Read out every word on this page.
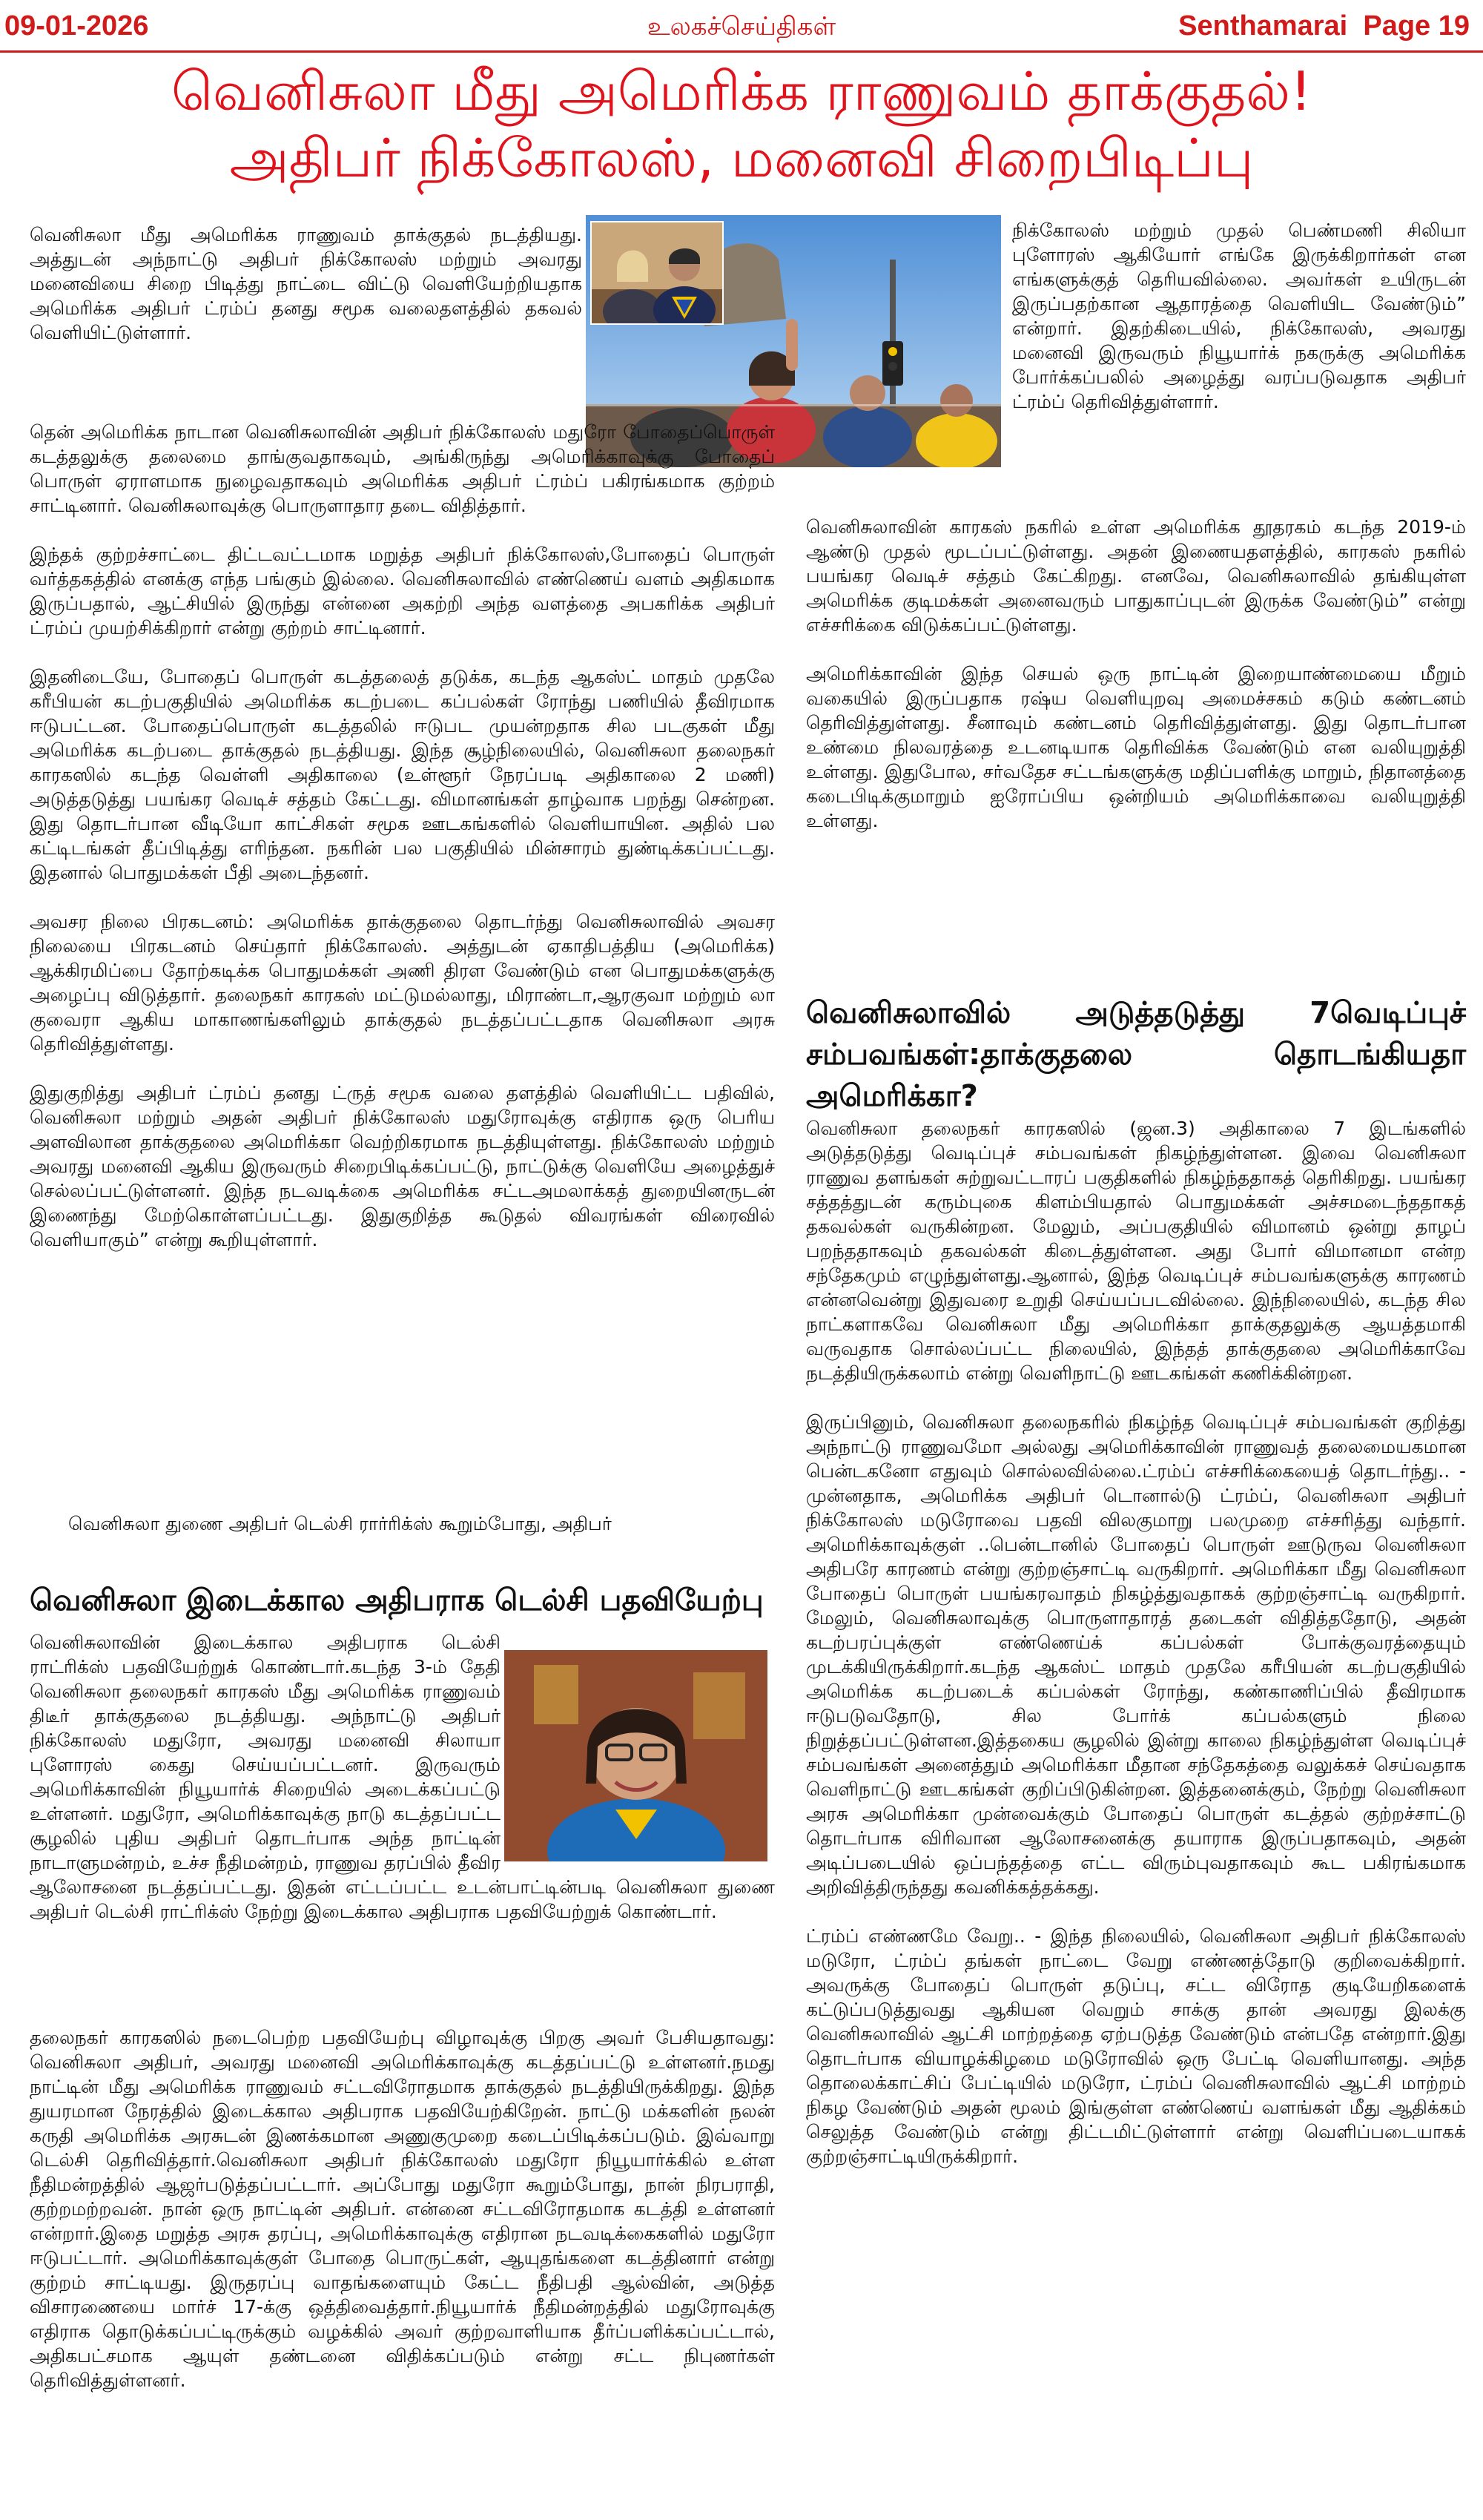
09-01-2026	உலகச்செய்திகள்	Senthamarai Page 19
வெனிசுலா மீது அமெரிக்க ராணுவம் தாக்குதல்!
அதிபர் நிக்கோலஸ், மனைவி சிறைபிடிப்பு

வெனிசுலா மீது அமெரிக்க ராணுவம் தாக்குதல் நடத்தியது. அத்துடன் அந்நாட்டு அதிபர் நிக்கோலஸ் மற்றும் அவரது மனைவியை சிறை பிடித்து நாட்டை விட்டு வெளியேற்றியதாக அமெரிக்க அதிபர் ட்ரம்ப் தனது சமூக வலைதளத்தில் தகவல் வெளியிட்டுள்ளார்.

தென் அமெரிக்க நாடான வெனிசுலாவின் அதிபர் நிக்கோலஸ் மதுரோ போதைப்பொருள் கடத்தலுக்கு தலைமை தாங்குவதாகவும், அங்கிருந்து அமெரிக்காவுக்கு போதைப் பொருள் ஏராளமாக நுழைவதாகவும் அமெரிக்க அதிபர் ட்ரம்ப் பகிரங்கமாக குற்றம் சாட்டினார். வெனிசுலாவுக்கு பொருளாதார தடை விதித்தார்.

இந்தக் குற்றச்சாட்டை திட்டவட்டமாக மறுத்த அதிபர் நிக்கோலஸ்,போதைப் பொருள் வர்த்தகத்தில் எனக்கு எந்த பங்கும் இல்லை. வெனிசுலாவில் எண்ணெய் வளம் அதிகமாக இருப்பதால், ஆட்சியில் இருந்து என்னை அகற்றி அந்த வளத்தை அபகரிக்க அதிபர் ட்ரம்ப் முயற்சிக்கிறார் என்று குற்றம் சாட்டினார்.

இதனிடையே, போதைப் பொருள் கடத்தலைத் தடுக்க, கடந்த ஆகஸ்ட் மாதம் முதலே கரீபியன் கடற்பகுதியில் அமெரிக்க கடற்படை கப்பல்கள் ரோந்து பணியில் தீவிரமாக ஈடுபட்டன. போதைப்பொருள் கடத்தலில் ஈடுபட முயன்றதாக சில படகுகள் மீது அமெரிக்க கடற்படை தாக்குதல் நடத்தியது. இந்த சூழ்நிலையில், வெனிசுலா தலைநகர் காரகஸில் கடந்த வெள்ளி அதிகாலை (உள்ளூர் நேரப்படி அதிகாலை 2 மணி) அடுத்தடுத்து பயங்கர வெடிச் சத்தம் கேட்டது. விமானங்கள் தாழ்வாக பறந்து சென்றன. இது தொடர்பான வீடியோ காட்சிகள் சமூக ஊடகங்களில் வெளியாயின. அதில் பல கட்டிடங்கள் தீப்பிடித்து எரிந்தன. நகரின் பல பகுதியில் மின்சாரம் துண்டிக்கப்பட்டது. இதனால் பொதுமக்கள் பீதி அடைந்தனர்.

அவசர நிலை பிரகடனம்: அமெரிக்க தாக்குதலை தொடர்ந்து வெனிசுலாவில் அவசர நிலையை பிரகடனம் செய்தார் நிக்கோலஸ். அத்துடன் ஏகாதிபத்திய (அமெரிக்க) ஆக்கிரமிப்பை தோற்கடிக்க பொதுமக்கள் அணி திரள வேண்டும் என பொதுமக்களுக்கு அழைப்பு விடுத்தார். தலைநகர் காரகஸ் மட்டுமல்லாது, மிராண்டா,ஆரகுவா மற்றும் லா குவைரா ஆகிய மாகாணங்களிலும் தாக்குதல் நடத்தப்பட்டதாக வெனிசுலா அரசு தெரிவித்துள்ளது.

இதுகுறித்து அதிபர் ட்ரம்ப் தனது ட்ருத் சமூக வலை தளத்தில் வெளியிட்ட பதிவில், வெனிசுலா மற்றும் அதன் அதிபர் நிக்கோலஸ் மதுரோவுக்கு எதிராக ஒரு பெரிய அளவிலான தாக்குதலை அமெரிக்கா வெற்றிகரமாக நடத்தியுள்ளது. நிக்கோலஸ் மற்றும் அவரது மனைவி ஆகிய இருவரும் சிறைபிடிக்கப்பட்டு, நாட்டுக்கு வெளியே அழைத்துச் செல்லப்பட்டுள்ளனர். இந்த நடவடிக்கை அமெரிக்க சட்டஅமலாக்கத் துறையினருடன் இணைந்து மேற்கொள்ளப்பட்டது. இதுகுறித்த கூடுதல் விவரங்கள் விரைவில் வெளியாகும்” என்று கூறியுள்ளார்.

வெனிசுலா துணை அதிபர் டெல்சி ரார்ரிக்ஸ் கூறும்போது, அதிபர்

நிக்கோலஸ் மற்றும் முதல் பெண்மணி சிலியா புளோரஸ் ஆகியோர் எங்கே இருக்கிறார்கள் என எங்களுக்குத் தெரியவில்லை. அவர்கள் உயிருடன் இருப்பதற்கான ஆதாரத்தை வெளியிட வேண்டும்” என்றார். இதற்கிடையில், நிக்கோலஸ், அவரது மனைவி இருவரும் நியூயார்க் நகருக்கு அமெரிக்க போர்க்கப்பலில் அழைத்து வரப்படுவதாக அதிபர் ட்ரம்ப் தெரிவித்துள்ளார்.

வெனிசுலாவின் காரகஸ் நகரில் உள்ள அமெரிக்க தூதரகம் கடந்த 2019-ம் ஆண்டு முதல் மூடப்பட்டுள்ளது. அதன் இணையதளத்தில், காரகஸ் நகரில் பயங்கர வெடிச் சத்தம் கேட்கிறது. எனவே, வெனிசுலாவில் தங்கியுள்ள அமெரிக்க குடிமக்கள் அனைவரும் பாதுகாப்புடன் இருக்க வேண்டும்” என்று எச்சரிக்கை விடுக்கப்பட்டுள்ளது.

அமெரிக்காவின் இந்த செயல் ஒரு நாட்டின் இறையாண்மையை மீறும் வகையில் இருப்பதாக ரஷ்ய வெளியுறவு அமைச்சகம் கடும் கண்டனம் தெரிவித்துள்ளது. சீனாவும் கண்டனம் தெரிவித்துள்ளது. இது தொடர்பான உண்மை நிலவரத்தை உடனடியாக தெரிவிக்க வேண்டும் என வலியுறுத்தி உள்ளது. இதுபோல, சர்வதேச சட்டங்களுக்கு மதிப்பளிக்கு மாறும், நிதானத்தை கடைபிடிக்குமாறும் ஐரோப்பிய ஒன்றியம் அமெரிக்காவை வலியுறுத்தி உள்ளது.

வெனிசுலாவில் அடுத்தடுத்து 7வெடிப்புச் சம்பவங்கள்:தாக்குதலை தொடங்கியதா அமெரிக்கா?

வெனிசுலா தலைநகர் காரகஸில் (ஜன.3) அதிகாலை 7 இடங்களில் அடுத்தடுத்து வெடிப்புச் சம்பவங்கள் நிகழ்ந்துள்ளன. இவை வெனிசுலா ராணுவ தளங்கள் சுற்றுவட்டாரப் பகுதிகளில் நிகழ்ந்ததாகத் தெரிகிறது. பயங்கர சத்தத்துடன் கரும்புகை கிளம்பியதால் பொதுமக்கள் அச்சமடைந்ததாகத் தகவல்கள் வருகின்றன. மேலும், அப்பகுதியில் விமானம் ஒன்று தாழப் பறந்ததாகவும் தகவல்கள் கிடைத்துள்ளன. அது போர் விமானமா என்ற சந்தேகமும் எழுந்துள்ளது.ஆனால், இந்த வெடிப்புச் சம்பவங்களுக்கு காரணம் என்னவென்று இதுவரை உறுதி செய்யப்படவில்லை. இந்நிலையில், கடந்த சில நாட்களாகவே வெனிசுலா மீது அமெரிக்கா தாக்குதலுக்கு ஆயத்தமாகி வருவதாக சொல்லப்பட்ட நிலையில், இந்தத் தாக்குதலை அமெரிக்காவே நடத்தியிருக்கலாம் என்று வெளிநாட்டு ஊடகங்கள் கணிக்கின்றன.

இருப்பினும், வெனிசுலா தலைநகரில் நிகழ்ந்த வெடிப்புச் சம்பவங்கள் குறித்து அந்நாட்டு ராணுவமோ அல்லது அமெரிக்காவின் ராணுவத் தலைமையகமான பென்டகனோ எதுவும் சொல்லவில்லை.ட்ரம்ப் எச்சரிக்கையைத் தொடர்ந்து.. - முன்னதாக, அமெரிக்க அதிபர் டொனால்டு ட்ரம்ப், வெனிசுலா அதிபர் நிக்கோலஸ் மடுரோவை பதவி விலகுமாறு பலமுறை எச்சரித்து வந்தார். அமெரிக்காவுக்குள் ..பென்டானில் போதைப் பொருள் ஊடுருவ வெனிசுலா அதிபரே காரணம் என்று குற்றஞ்சாட்டி வருகிறார். அமெரிக்கா மீது வெனிசுலா போதைப் பொருள் பயங்கரவாதம் நிகழ்த்துவதாகக் குற்றஞ்சாட்டி வருகிறார். மேலும், வெனிசுலாவுக்கு பொருளாதாரத் தடைகள் விதித்ததோடு, அதன் கடற்பரப்புக்குள் எண்ணெய்க் கப்பல்கள் போக்குவரத்தையும் முடக்கியிருக்கிறார்.கடந்த ஆகஸ்ட் மாதம் முதலே கரீபியன் கடற்பகுதியில் அமெரிக்க கடற்படைக் கப்பல்கள் ரோந்து, கண்காணிப்பில் தீவிரமாக ஈடுபடுவதோடு, சில போர்க் கப்பல்களும் நிலை நிறுத்தப்பட்டுள்ளன.இத்தகைய சூழலில் இன்று காலை நிகழ்ந்துள்ள வெடிப்புச் சம்பவங்கள் அனைத்தும் அமெரிக்கா மீதான சந்தேகத்தை வலுக்கச் செய்வதாக வெளிநாட்டு ஊடகங்கள் குறிப்பிடுகின்றன. இத்தனைக்கும், நேற்று வெனிசுலா அரசு அமெரிக்கா முன்வைக்கும் போதைப் பொருள் கடத்தல் குற்றச்சாட்டு தொடர்பாக விரிவான ஆலோசனைக்கு தயாராக இருப்பதாகவும், அதன் அடிப்படையில் ஒப்பந்தத்தை எட்ட விரும்புவதாகவும் கூட பகிரங்கமாக அறிவித்திருந்தது கவனிக்கத்தக்கது.

ட்ரம்ப் எண்ணமே வேறு.. - இந்த நிலையில், வெனிசுலா அதிபர் நிக்கோலஸ் மடுரோ, ட்ரம்ப் தங்கள் நாட்டை வேறு எண்ணத்தோடு குறிவைக்கிறார். அவருக்கு போதைப் பொருள் தடுப்பு, சட்ட விரோத குடியேறிகளைக் கட்டுப்படுத்துவது ஆகியன வெறும் சாக்கு தான் அவரது இலக்கு வெனிசுலாவில் ஆட்சி மாற்றத்தை ஏற்படுத்த வேண்டும் என்பதே என்றார்.இது தொடர்பாக வியாழக்கிழமை மடுரோவில் ஒரு பேட்டி வெளியானது. அந்த தொலைக்காட்சிப் பேட்டியில் மடுரோ, ட்ரம்ப் வெனிசுலாவில் ஆட்சி மாற்றம் நிகழ வேண்டும் அதன் மூலம் இங்குள்ள எண்ணெய் வளங்கள் மீது ஆதிக்கம் செலுத்த வேண்டும் என்று திட்டமிட்டுள்ளார் என்று வெளிப்படையாகக் குற்றஞ்சாட்டியிருக்கிறார்.

வெனிசுலா இடைக்கால அதிபராக டெல்சி பதவியேற்பு

வெனிசுலாவின் இடைக்கால அதிபராக டெல்சி ராட்ரிக்ஸ் பதவியேற்றுக் கொண்டார்.கடந்த 3-ம் தேதி வெனிசுலா தலைநகர் காரகஸ் மீது அமெரிக்க ராணுவம் திடீர் தாக்குதலை நடத்தியது. அந்நாட்டு அதிபர் நிக்கோலஸ் மதுரோ, அவரது மனைவி சிலாயா புளோரஸ் கைது செய்யப்பட்டனர். இருவரும் அமெரிக்காவின் நியூயார்க் சிறையில் அடைக்கப்பட்டு உள்ளனர். மதுரோ, அமெரிக்காவுக்கு நாடு கடத்தப்பட்ட சூழலில் புதிய அதிபர் தொடர்பாக அந்த நாட்டின் நாடாளுமன்றம், உச்ச நீதிமன்றம், ராணுவ தரப்பில் தீவிர ஆலோசனை நடத்தப்பட்டது. இதன் எட்டப்பட்ட உடன்பாட்டின்படி வெனிசுலா துணை அதிபர் டெல்சி ராட்ரிக்ஸ் நேற்று இடைக்கால அதிபராக பதவியேற்றுக் கொண்டார்.

தலைநகர் காரகஸில் நடைபெற்ற பதவியேற்பு விழாவுக்கு பிறகு அவர் பேசியதாவது: வெனிசுலா அதிபர், அவரது மனைவி அமெரிக்காவுக்கு கடத்தப்பட்டு உள்ளனர்.நமது நாட்டின் மீது அமெரிக்க ராணுவம் சட்டவிரோதமாக தாக்குதல் நடத்தியிருக்கிறது. இந்த துயரமான நேரத்தில் இடைக்கால அதிபராக பதவியேற்கிறேன். நாட்டு மக்களின் நலன் கருதி அமெரிக்க அரசுடன் இணக்கமான அணுகுமுறை கடைப்பிடிக்கப்படும். இவ்வாறு டெல்சி தெரிவித்தார்.வெனிசுலா அதிபர் நிக்கோலஸ் மதுரோ நியூயார்க்கில் உள்ள நீதிமன்றத்தில் ஆஜர்படுத்தப்பட்டார். அப்போது மதுரோ கூறும்போது, நான் நிரபராதி, குற்றமற்றவன். நான் ஒரு நாட்டின் அதிபர். என்னை சட்டவிரோதமாக கடத்தி உள்ளனர் என்றார்.இதை மறுத்த அரசு தரப்பு, அமெரிக்காவுக்கு எதிரான நடவடிக்கைகளில் மதுரோ ஈடுபட்டார். அமெரிக்காவுக்குள் போதை பொருட்கள், ஆயுதங்களை கடத்தினார் என்று குற்றம் சாட்டியது. இருதரப்பு வாதங்களையும் கேட்ட நீதிபதி ஆல்வின், அடுத்த விசாரணையை மார்ச் 17-க்கு ஒத்திவைத்தார்.நியூயார்க் நீதிமன்றத்தில் மதுரோவுக்கு எதிராக தொடுக்கப்பட்டிருக்கும் வழக்கில் அவர் குற்றவாளியாக தீர்ப்பளிக்கப்பட்டால், அதிகபட்சமாக ஆயுள் தண்டனை விதிக்கப்படும் என்று சட்ட நிபுணர்கள் தெரிவித்துள்ளனர்.
